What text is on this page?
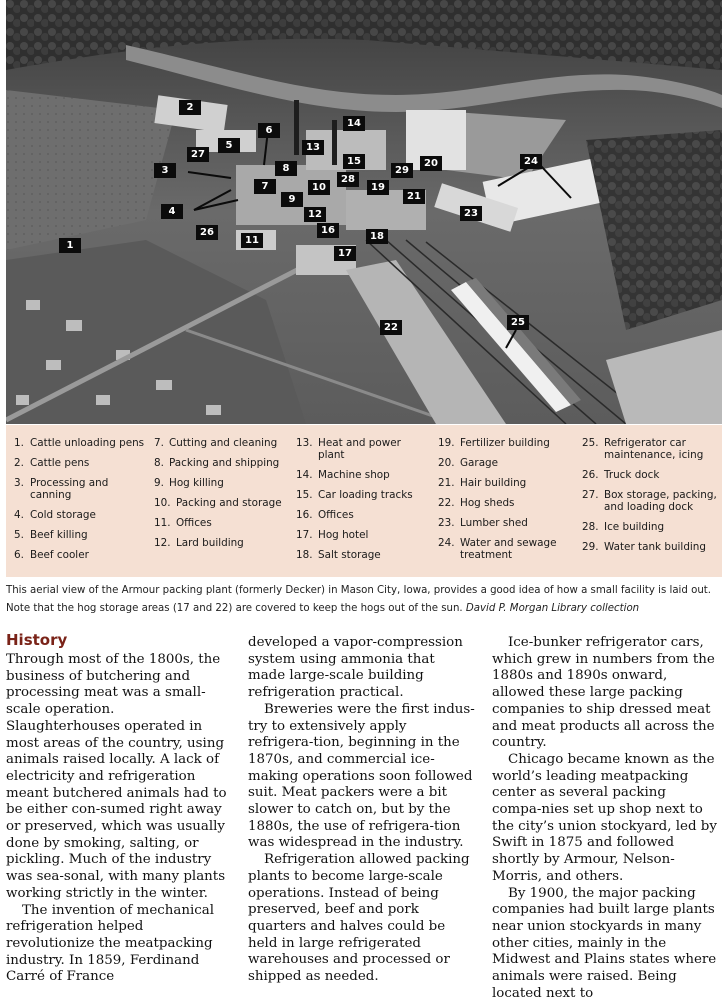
1
2
3
4
5
6
7
8
9
10
11
12
13
14
15
16
17
18
19
20
21
22
23
24
25
26
27
28
29
1. Cattle unloading pens
2. Cattle pens
3. Processing and canning
4. Cold storage
5. Beef killing
6. Beef cooler
7. Cutting and cleaning
8. Packing and shipping
9. Hog killing
10. Packing and storage
11. Offices
12. Lard building
13. Heat and power plant
14. Machine shop
15. Car loading tracks
16. Offices
17. Hog hotel
18. Salt storage
19. Fertilizer building
20. Garage
21. Hair building
22. Hog sheds
23. Lumber shed
24. Water and sewage treatment
25. Refrigerator car maintenance, icing
26. Truck dock
27. Box storage, packing, and loading dock
28. Ice building
29. Water tank building
This aerial view of the Armour packing plant (formerly Decker) in Mason City, Iowa, provides a good idea of how a small facility is laid out.
Note that the hog storage areas (17 and 22) are covered to keep the hogs out of the sun. David P. Morgan Library collection
History

Through most of the 1800s, the business of butchering and processing meat was a small-scale operation. Slaughterhouses operated in most areas of the country, using animals raised locally. A lack of electricity and refrigeration meant butchered animals had to be either con-sumed right away or preserved, which was usually done by smoking, salting, or pickling. Much of the industry was sea-sonal, with many plants working strictly in the winter.

The invention of mechanical refrigeration helped revolutionize the meatpacking industry. In 1859, Ferdinand Carré of France

developed a vapor-compression system using ammonia that made large-scale building refrigeration practical.

Breweries were the first indus-try to extensively apply refrigera-tion, beginning in the 1870s, and commercial ice-making operations soon followed suit. Meat packers were a bit slower to catch on, but by the 1880s, the use of refrigera-tion was widespread in the industry.

Refrigeration allowed packing plants to become large-scale operations. Instead of being preserved, beef and pork quarters and halves could be held in large refrigerated warehouses and processed or shipped as needed.

Ice-bunker refrigerator cars, which grew in numbers from the 1880s and 1890s onward, allowed these large packing companies to ship dressed meat and meat products all across the country.

Chicago became known as the world’s leading meatpacking center as several packing compa-nies set up shop next to the city’s union stockyard, led by Swift in 1875 and followed shortly by Armour, Nelson-Morris, and others.

By 1900, the major packing companies had built large plants near union stockyards in many other cities, mainly in the Midwest and Plains states where animals were raised. Being located next to
